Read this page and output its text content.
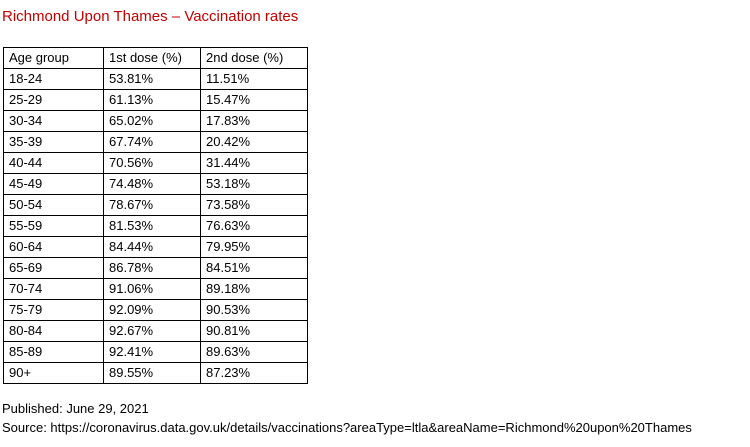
Richmond Upon Thames – Vaccination rates
Age group	1st dose (%)	2nd dose (%)
18-24	53.81%	11.51%
25-29	61.13%	15.47%
30-34	65.02%	17.83%
35-39	67.74%	20.42%
40-44	70.56%	31.44%
45-49	74.48%	53.18%
50-54	78.67%	73.58%
55-59	81.53%	76.63%
60-64	84.44%	79.95%
65-69	86.78%	84.51%
70-74	91.06%	89.18%
75-79	92.09%	90.53%
80-84	92.67%	90.81%
85-89	92.41%	89.63%
90+	89.55%	87.23%
Published: June 29, 2021
Source: https://coronavirus.data.gov.uk/details/vaccinations?areaType=ltla&areaName=Richmond%20upon%20Thames
